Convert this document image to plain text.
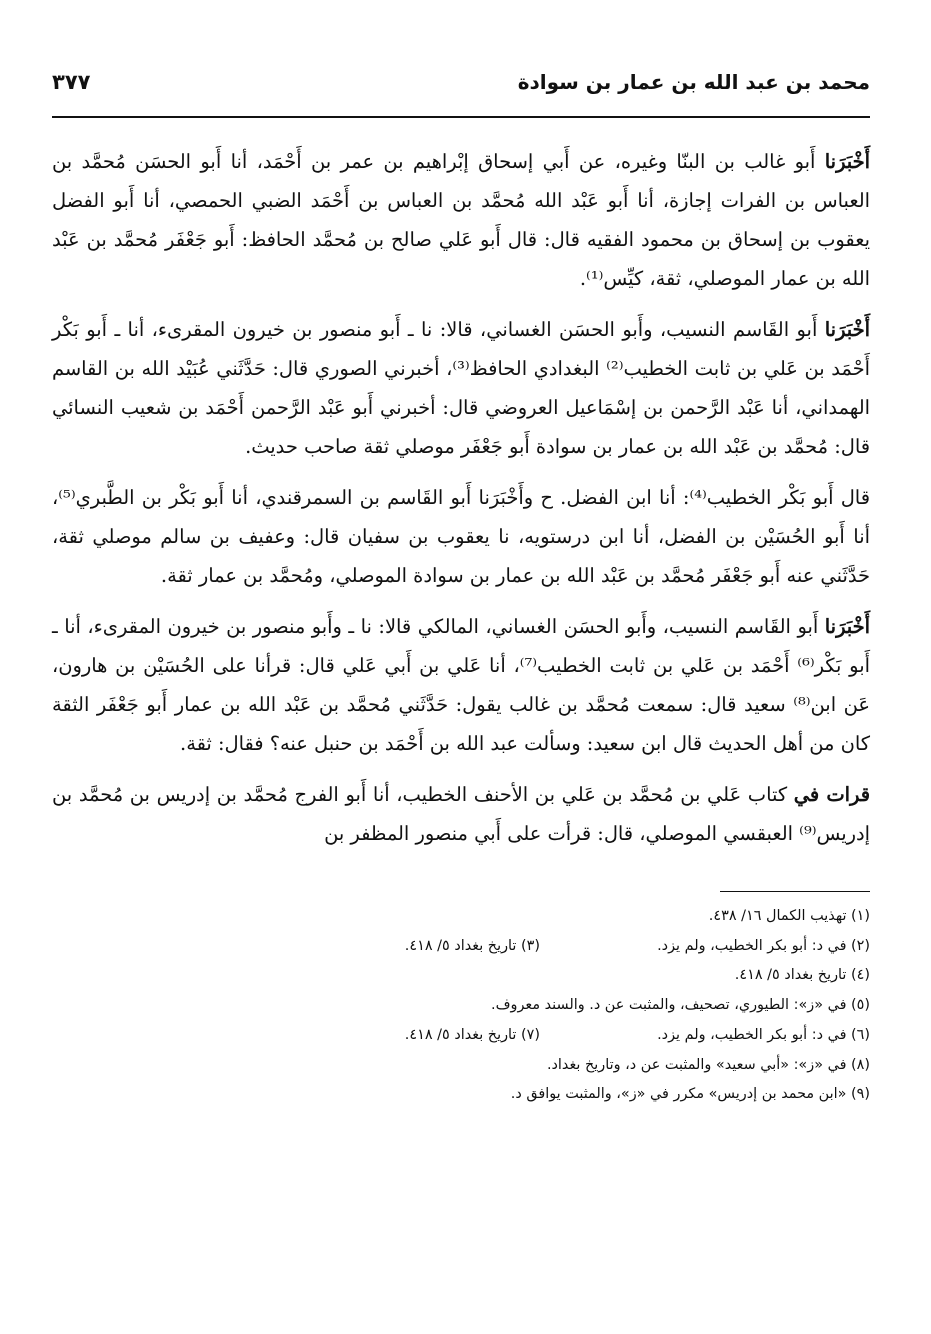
محمد بن عبد الله بن عمار بن سوادة
٣٧٧

أَخْبَرَنا أَبو غالب بن البنّا وغيره، عن أَبي إسحاق إبْراهيم بن عمر بن أَحْمَد، أنا أَبو الحسَن مُحمَّد بن العباس بن الفرات إجازة، أنا أَبو عَبْد الله مُحمَّد بن العباس بن أَحْمَد الضبي الحمصي، أنا أَبو الفضل يعقوب بن إسحاق بن محمود الفقيه قال: قال أَبو عَلي صالح بن مُحمَّد الحافظ: أَبو جَعْفَر مُحمَّد بن عَبْد الله بن عمار الموصلي، ثقة، كيِّس⁽¹⁾.

أَخْبَرَنا أَبو القَاسم النسيب، وأَبو الحسَن الغساني، قالا: نا ـ أَبو منصور بن خيرون المقرىء، أنا ـ أَبو بَكْر أَحْمَد بن عَلي بن ثابت الخطيب⁽²⁾ البغدادي الحافظ⁽³⁾، أخبرني الصوري قال: حَدَّثَني عُبَيْد الله بن القاسم الهمداني، أنا عَبْد الرَّحمن بن إسْمَاعيل العروضي قال: أخبرني أَبو عَبْد الرَّحمن أَحْمَد بن شعيب النسائي قال: مُحمَّد بن عَبْد الله بن عمار بن سوادة أَبو جَعْفَر موصلي ثقة صاحب حديث.

قال أَبو بَكْر الخطيب⁽⁴⁾: أنا ابن الفضل. ح وأَخْبَرَنا أَبو القَاسم بن السمرقندي، أنا أَبو بَكْر بن الطَّبري⁽⁵⁾، أنا أَبو الحُسَيْن بن الفضل، أنا ابن درستويه، نا يعقوب بن سفيان قال: وعفيف بن سالم موصلي ثقة، حَدَّثَني عنه أَبو جَعْفَر مُحمَّد بن عَبْد الله بن عمار بن سوادة الموصلي، ومُحمَّد بن عمار ثقة.

أَخْبَرَنا أَبو القَاسم النسيب، وأَبو الحسَن الغساني، المالكي قالا: نا ـ وأَبو منصور بن خيرون المقرىء، أنا ـ أَبو بَكْر⁽⁶⁾ أَحْمَد بن عَلي بن ثابت الخطيب⁽⁷⁾، أنا عَلي بن أَبي عَلي قال: قرأنا على الحُسَيْن بن هارون، عَن ابن⁽⁸⁾ سعيد قال: سمعت مُحمَّد بن غالب يقول: حَدَّثَني مُحمَّد بن عَبْد الله بن عمار أَبو جَعْفَر الثقة كان من أهل الحديث قال ابن سعيد: وسألت عبد الله بن أَحْمَد بن حنبل عنه؟ فقال: ثقة.

قرات في كتاب عَلي بن مُحمَّد بن عَلي بن الأحنف الخطيب، أنا أَبو الفرج مُحمَّد بن إدريس بن مُحمَّد بن إدريس⁽⁹⁾ العبقسي الموصلي، قال: قرأت على أَبي منصور المظفر بن

(١) تهذيب الكمال ١٦/ ٤٣٨.
(٢) في د: أبو بكر الخطيب، ولم يزد.
(٣) تاريخ بغداد ٥/ ٤١٨.
(٤) تاريخ بغداد ٥/ ٤١٨.
(٥) في «ز»: الطيوري، تصحيف، والمثبت عن د. والسند معروف.
(٦) في د: أبو بكر الخطيب، ولم يزد.
(٧) تاريخ بغداد ٥/ ٤١٨.
(٨) في «ز»: «أبي سعيد» والمثبت عن د، وتاريخ بغداد.
(٩) «ابن محمد بن إدريس» مكرر في «ز»، والمثبت يوافق د.
